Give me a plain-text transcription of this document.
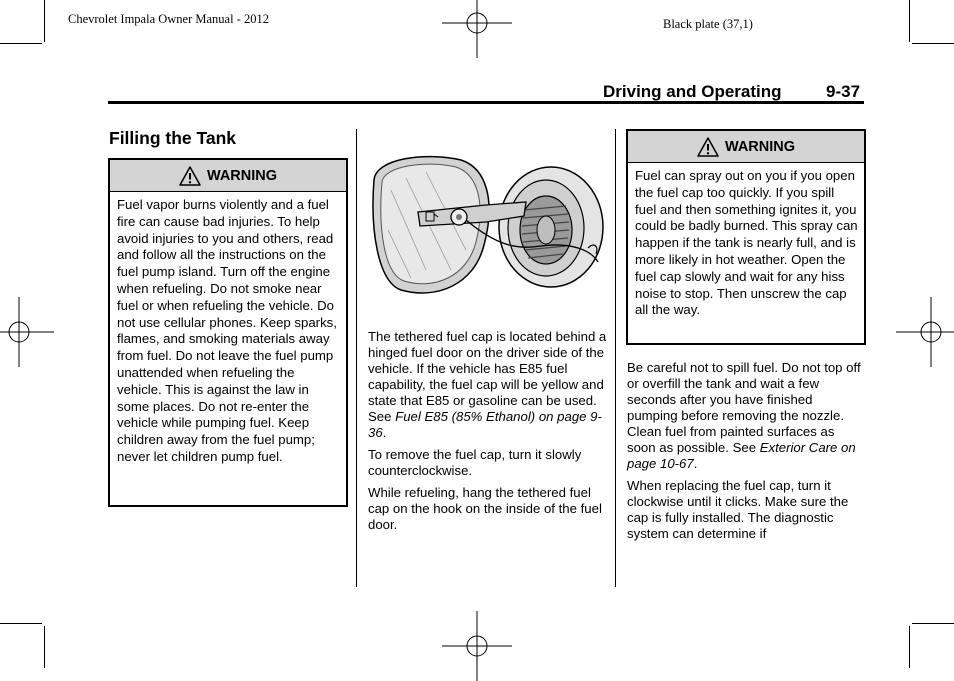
Chevrolet Impala Owner Manual - 2012	Black plate (37,1)
Driving and Operating	9-37
Filling the Tank
WARNING
Fuel vapor burns violently and a fuel fire can cause bad injuries. To help avoid injuries to you and others, read and follow all the instructions on the fuel pump island. Turn off the engine when refueling. Do not smoke near fuel or when refueling the vehicle. Do not use cellular phones. Keep sparks, flames, and smoking materials away from fuel. Do not leave the fuel pump unattended when refueling the vehicle. This is against the law in some places. Do not re-enter the vehicle while pumping fuel. Keep children away from the fuel pump; never let children pump fuel.

The tethered fuel cap is located behind a hinged fuel door on the driver side of the vehicle. If the vehicle has E85 fuel capability, the fuel cap will be yellow and state that E85 or gasoline can be used. See Fuel E85 (85% Ethanol) on page 9-36.

To remove the fuel cap, turn it slowly counterclockwise.

While refueling, hang the tethered fuel cap on the hook on the inside of the fuel door.

WARNING
Fuel can spray out on you if you open the fuel cap too quickly. If you spill fuel and then something ignites it, you could be badly burned. This spray can happen if the tank is nearly full, and is more likely in hot weather. Open the fuel cap slowly and wait for any hiss noise to stop. Then unscrew the cap all the way.

Be careful not to spill fuel. Do not top off or overfill the tank and wait a few seconds after you have finished pumping before removing the nozzle. Clean fuel from painted surfaces as soon as possible. See Exterior Care on page 10-67.

When replacing the fuel cap, turn it clockwise until it clicks. Make sure the cap is fully installed. The diagnostic system can determine if
